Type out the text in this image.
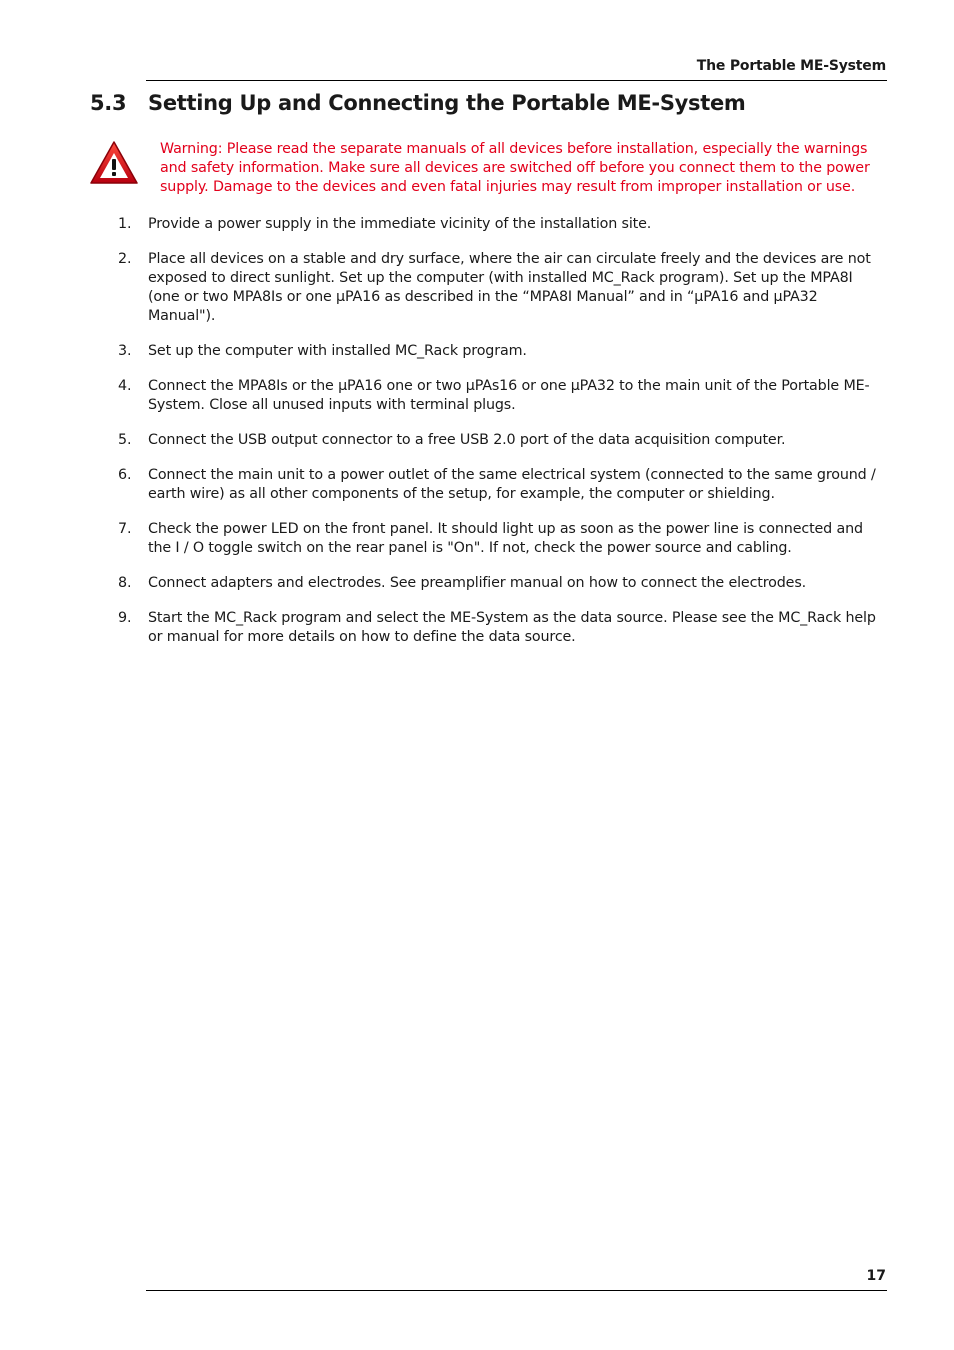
The Portable ME-System
5.3 Setting Up and Connecting the Portable ME-System
Warning: Please read the separate manuals of all devices before installation, especially the warnings and safety information. Make sure all devices are switched off before you connect them to the power supply. Damage to the devices and even fatal injuries may result from improper installation or use.
1. Provide a power supply in the immediate vicinity of the installation site.
2. Place all devices on a stable and dry surface, where the air can circulate freely and the devices are not exposed to direct sunlight. Set up the computer (with installed MC_Rack program). Set up the MPA8I (one or two MPA8Is or one µPA16 as described in the “MPA8I Manual” and in “µPA16 and µPA32 Manual").
3. Set up the computer with installed MC_Rack program.
4. Connect the MPA8Is or the µPA16 one or two µPAs16 or one µPA32 to the main unit of the Portable ME-System. Close all unused inputs with terminal plugs.
5. Connect the USB output connector to a free USB 2.0 port of the data acquisition computer.
6. Connect the main unit to a power outlet of the same electrical system (connected to the same ground / earth wire) as all other components of the setup, for example, the computer or shielding.
7. Check the power LED on the front panel. It should light up as soon as the power line is connected and the I / O toggle switch on the rear panel is "On". If not, check the power source and cabling.
8. Connect adapters and electrodes. See preamplifier manual on how to connect the electrodes.
9. Start the MC_Rack program and select the ME-System as the data source. Please see the MC_Rack help or manual for more details on how to define the data source.
17
